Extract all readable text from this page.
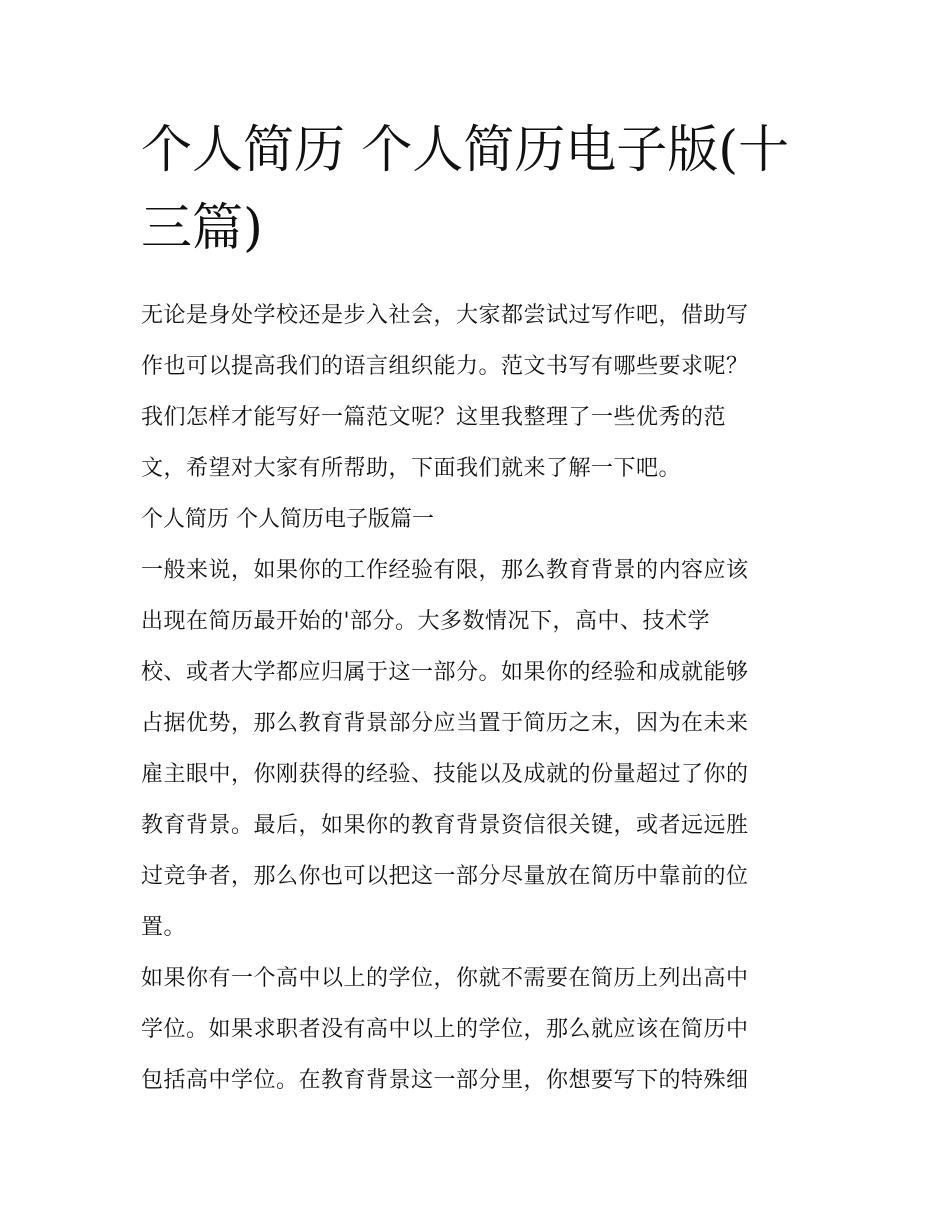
个人简历 个人简历电子版(十
三篇)

无论是身处学校还是步入社会，大家都尝试过写作吧，借助写
作也可以提高我们的语言组织能力。范文书写有哪些要求呢？
我们怎样才能写好一篇范文呢？这里我整理了一些优秀的范
文，希望对大家有所帮助，下面我们就来了解一下吧。

个人简历 个人简历电子版篇一

一般来说，如果你的工作经验有限，那么教育背景的内容应该
出现在简历最开始的'部分。大多数情况下，高中、技术学
校、或者大学都应归属于这一部分。如果你的经验和成就能够
占据优势，那么教育背景部分应当置于简历之末，因为在未来
雇主眼中，你刚获得的经验、技能以及成就的份量超过了你的
教育背景。最后，如果你的教育背景资信很关键，或者远远胜
过竞争者，那么你也可以把这一部分尽量放在简历中靠前的位
置。

如果你有一个高中以上的学位，你就不需要在简历上列出高中
学位。如果求职者没有高中以上的学位，那么就应该在简历中
包括高中学位。在教育背景这一部分里，你想要写下的特殊细
